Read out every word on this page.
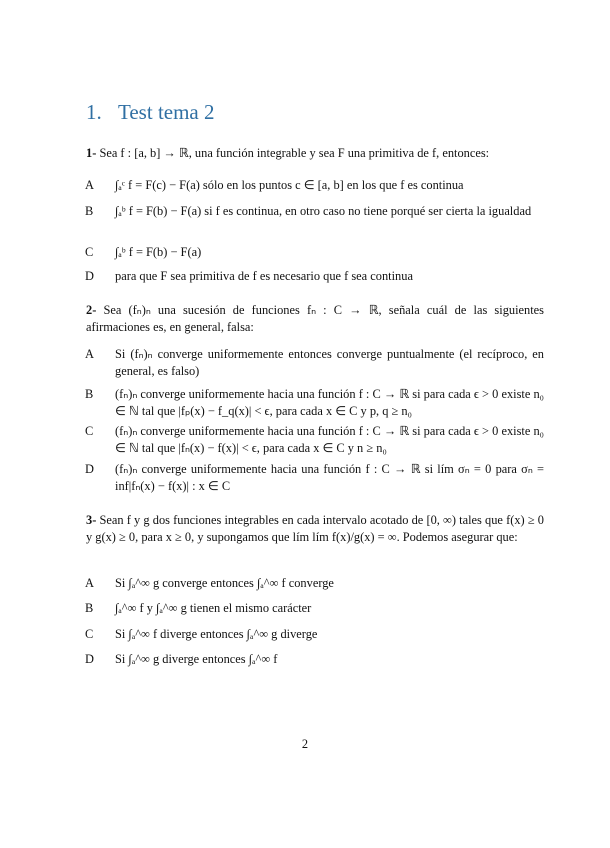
1. Test tema 2
1- Sea f : [a, b] → ℝ, una función integrable y sea F una primitiva de f, entonces:
A ∫ₐᶜ f = F(c) − F(a) sólo en los puntos c ∈ [a, b] en los que f es continua
B ∫ₐᵇ f = F(b) − F(a) si f es continua, en otro caso no tiene porqué ser cierta la igualdad
C ∫ₐᵇ f = F(b) − F(a)
D para que F sea primitiva de f es necesario que f sea continua
2- Sea (fₙ)ₙ una sucesión de funciones fₙ : C → ℝ, señala cuál de las siguientes afirmaciones es, en general, falsa:
A Si (fₙ)ₙ converge uniformemente entonces converge puntualmente (el recíproco, en general, es falso)
B (fₙ)ₙ converge uniformemente hacia una función f : C → ℝ si para cada ϵ > 0 existe n₀ ∈ ℕ tal que |fₚ(x) − f_q(x)| < ϵ, para cada x ∈ C y p, q ≥ n₀
C (fₙ)ₙ converge uniformemente hacia una función f : C → ℝ si para cada ϵ > 0 existe n₀ ∈ ℕ tal que |fₙ(x) − f(x)| < ϵ, para cada x ∈ C y n ≥ n₀
D (fₙ)ₙ converge uniformemente hacia una función f : C → ℝ si lím σₙ = 0 para σₙ = inf|fₙ(x) − f(x)| : x ∈ C
3- Sean f y g dos funciones integrables en cada intervalo acotado de [0, ∞) tales que f(x) ≥ 0 y g(x) ≥ 0, para x ≥ 0, y supongamos que lím lím f(x)/g(x) = ∞. Podemos asegurar que:
A Si ∫ₐ^∞ g converge entonces ∫ₐ^∞ f converge
B ∫ₐ^∞ f y ∫ₐ^∞ g tienen el mismo carácter
C Si ∫ₐ^∞ f diverge entonces ∫ₐ^∞ g diverge
D Si ∫ₐ^∞ g diverge entonces ∫ₐ^∞ f
2
